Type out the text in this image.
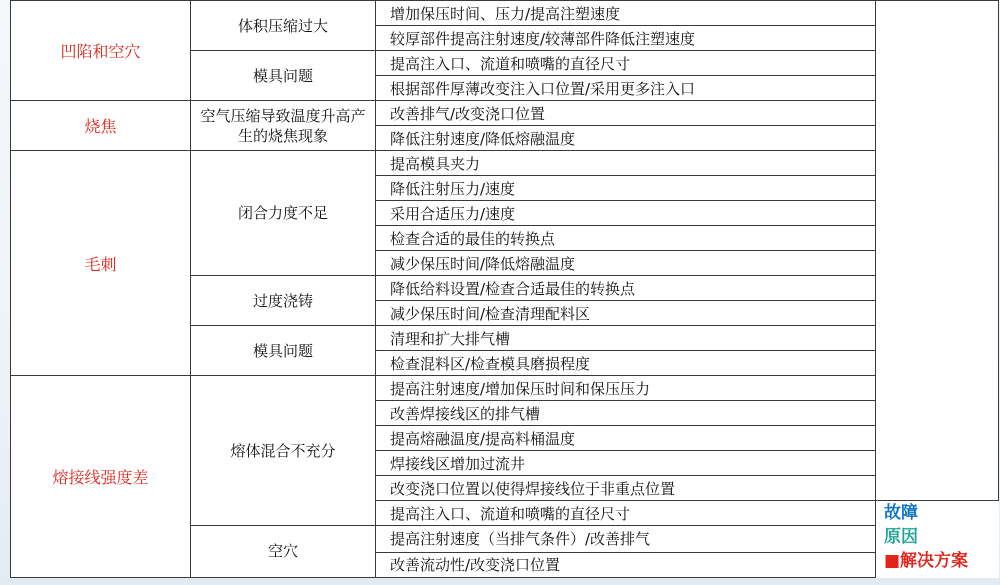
凹陷和空穴	体积压缩过大	增加保压时间、压力/提高注塑速度	
		较厚部件提高注射速度/较薄部件降低注塑速度	
	模具问题	提高注入口、流道和喷嘴的直径尺寸	
		根据部件厚薄改变注入口位置/采用更多注入口	
烧焦	空气压缩导致温度升高产生的烧焦现象	改善排气/改变浇口位置	
		降低注射速度/降低熔融温度	
毛刺	闭合力度不足	提高模具夹力	
		降低注射压力/速度	
		采用合适压力/速度	
		检查合适的最佳的转换点	
		减少保压时间/降低熔融温度	
	过度浇铸	降低给料设置/检查合适最佳的转换点	
		减少保压时间/检查清理配料区	
	模具问题	清理和扩大排气槽	
		检查混料区/检查模具磨损程度	
熔接线强度差	熔体混合不充分	提高注射速度/增加保压时间和保压压力	
		改善焊接线区的排气槽	
		提高熔融温度/提高料桶温度	
		焊接线区增加过流井	
		改变浇口位置以使得焊接线位于非重点位置	
		提高注入口、流道和喷嘴的直径尺寸	故障
原因
■解决方案

	空穴	提高注射速度（当排气条件）/改善排气	
		改善流动性/改变浇口位置	
